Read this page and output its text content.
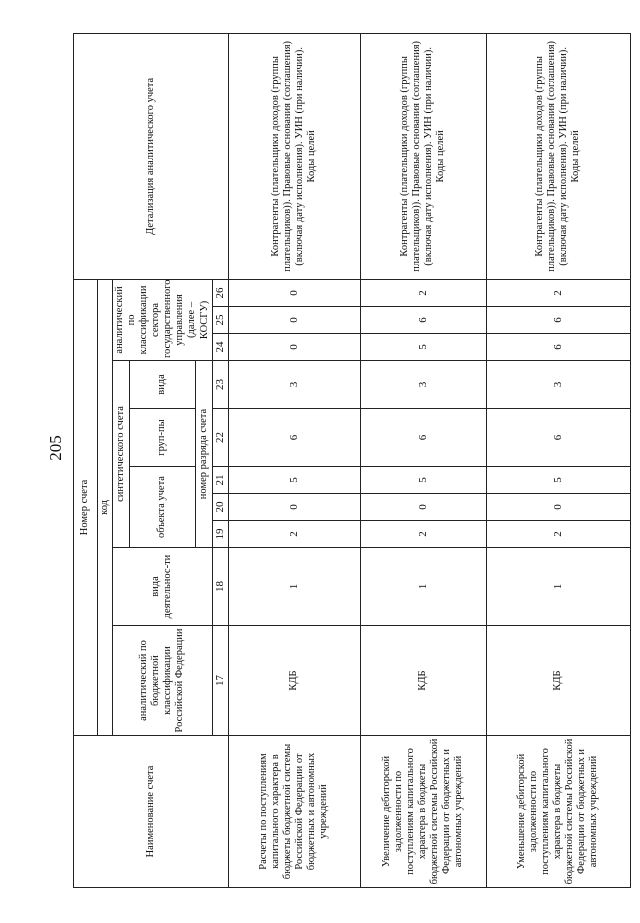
205
Наименование счета	Номер счета										Детализация аналитического учета
	код										
	аналитический по бюджетной классификации Российской Федерации	вида деятельнос-ти	синтетического счета					аналитический по классификации сектора государственного управления (далее – КОСГУ)			
			объекта учета			груп-пы	вида				
			номер разряда счета								
	17	18	19	20	21	22	23	24	25	26	
Расчеты по поступлениям капитального характера в бюджеты бюджетной системы Российской Федерации от бюджетных и автономных учреждений	КДБ	1	2	0	5	6	3	0	0	0	Контрагенты (плательщики доходов (группы плательщиков)). Правовые основания (соглашения) (включая дату исполнения). УИН (при наличии). Коды целей
Увеличение дебиторской задолженности по поступлениям капитального характера в бюджеты бюджетной системы Российской Федерации от бюджетных и автономных учреждений	КДБ	1	2	0	5	6	3	5	6	2	Контрагенты (плательщики доходов (группы плательщиков)). Правовые основания (соглашения) (включая дату исполнения). УИН (при наличии). Коды целей
Уменьшение дебиторской задолженности по поступлениям капитального характера в бюджеты бюджетной системы Российской Федерации от бюджетных и автономных учреждений	КДБ	1	2	0	5	6	3	6	6	2	Контрагенты (плательщики доходов (группы плательщиков)). Правовые основания (соглашения) (включая дату исполнения). УИН (при наличии). Коды целей
